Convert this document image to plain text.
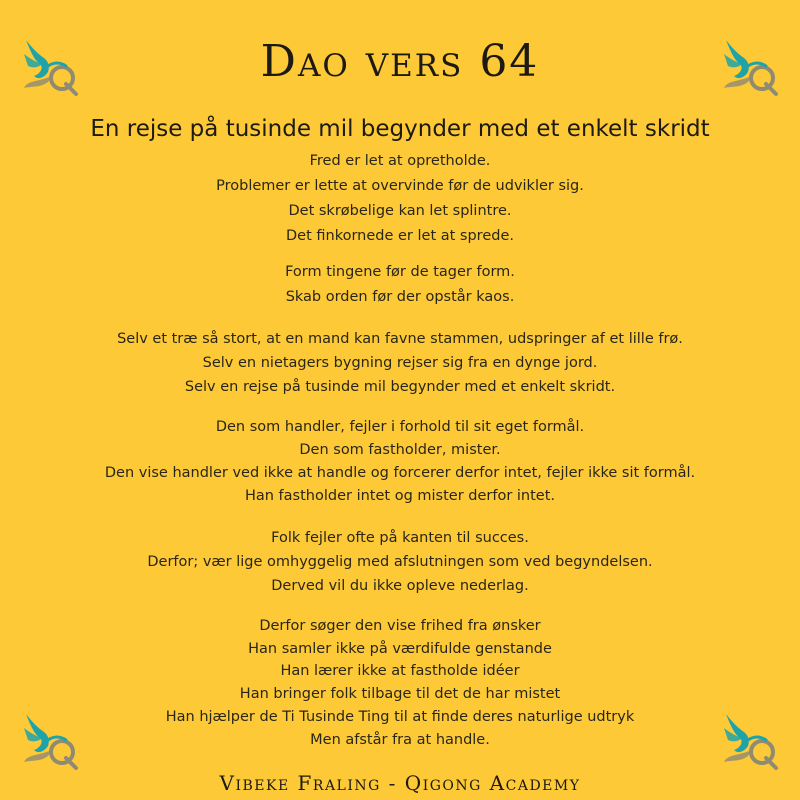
Dao vers 64
En rejse på tusinde mil begynder med et enkelt skridt
Fred er let at opretholde.
Problemer er lette at overvinde før de udvikler sig.
Det skrøbelige kan let splintre.
Det finkornede er let at sprede.
Form tingene før de tager form.
Skab orden før der opstår kaos.
Selv et træ så stort, at en mand kan favne stammen, udspringer af et lille frø.
Selv en nietagers bygning rejser sig fra en dynge jord.
Selv en rejse på tusinde mil begynder med et enkelt skridt.
Den som handler, fejler i forhold til sit eget formål.
Den som fastholder, mister.
Den vise handler ved ikke at handle og forcerer derfor intet, fejler ikke sit formål.
Han fastholder intet og mister derfor intet.
Folk fejler ofte på kanten til succes.
Derfor; vær lige omhyggelig med afslutningen som ved begyndelsen.
Derved vil du ikke opleve nederlag.
Derfor søger den vise frihed fra ønsker
Han samler ikke på værdifulde genstande
Han lærer ikke at fastholde idéer
Han bringer folk tilbage til det de har mistet
Han hjælper de Ti Tusinde Ting til at finde deres naturlige udtryk
Men afstår fra at handle.
Vibeke Fraling - Qigong Academy
